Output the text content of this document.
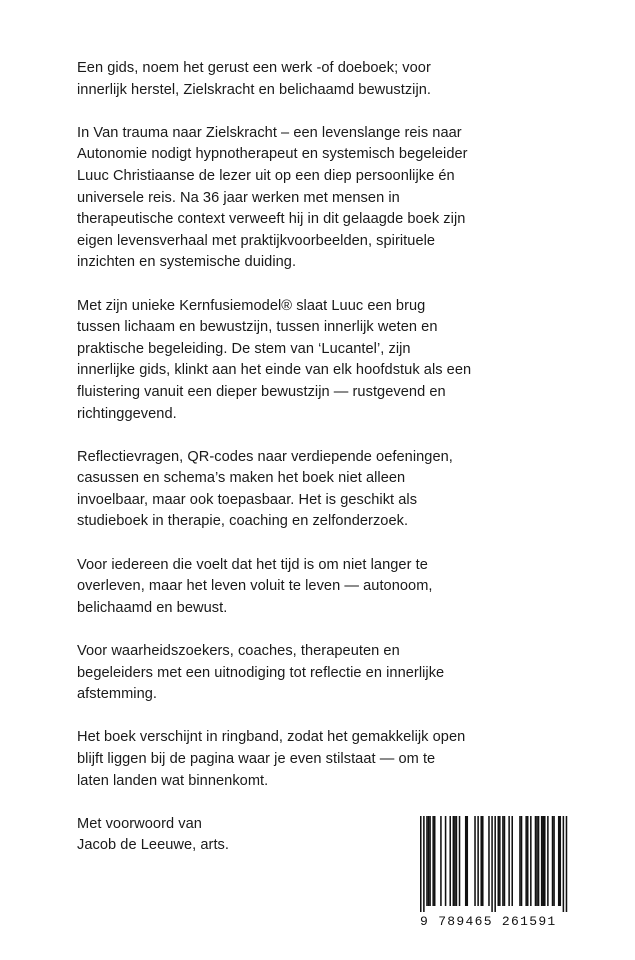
Een gids, noem het gerust een werk -of doeboek; voor
innerlijk herstel, Zielskracht en belichaamd bewustzijn.

In Van trauma naar Zielskracht – een levenslange reis naar
Autonomie nodigt hypnotherapeut en systemisch begeleider
Luuc Christiaanse de lezer uit op een diep persoonlijke én
universele reis. Na 36 jaar werken met mensen in
therapeutische context verweeft hij in dit gelaagde boek zijn
eigen levensverhaal met praktijkvoorbeelden, spirituele
inzichten en systemische duiding.

Met zijn unieke Kernfusiemodel® slaat Luuc een brug
tussen lichaam en bewustzijn, tussen innerlijk weten en
praktische begeleiding. De stem van ‘Lucantel’, zijn
innerlijke gids, klinkt aan het einde van elk hoofdstuk als een
fluistering vanuit een dieper bewustzijn — rustgevend en
richtinggevend.

Reflectievragen, QR-codes naar verdiepende oefeningen,
casussen en schema’s maken het boek niet alleen
invoelbaar, maar ook toepasbaar. Het is geschikt als
studieboek in therapie, coaching en zelfonderzoek.

Voor iedereen die voelt dat het tijd is om niet langer te
overleven, maar het leven voluit te leven — autonoom,
belichaamd en bewust.

Voor waarheidszoekers, coaches, therapeuten en
begeleiders met een uitnodiging tot reflectie en innerlijke
afstemming.

Het boek verschijnt in ringband, zodat het gemakkelijk open
blijft liggen bij de pagina waar je even stilstaat — om te
laten landen wat binnenkomt.

Met voorwoord van
Jacob de Leeuwe, arts.

9 789465 261591
